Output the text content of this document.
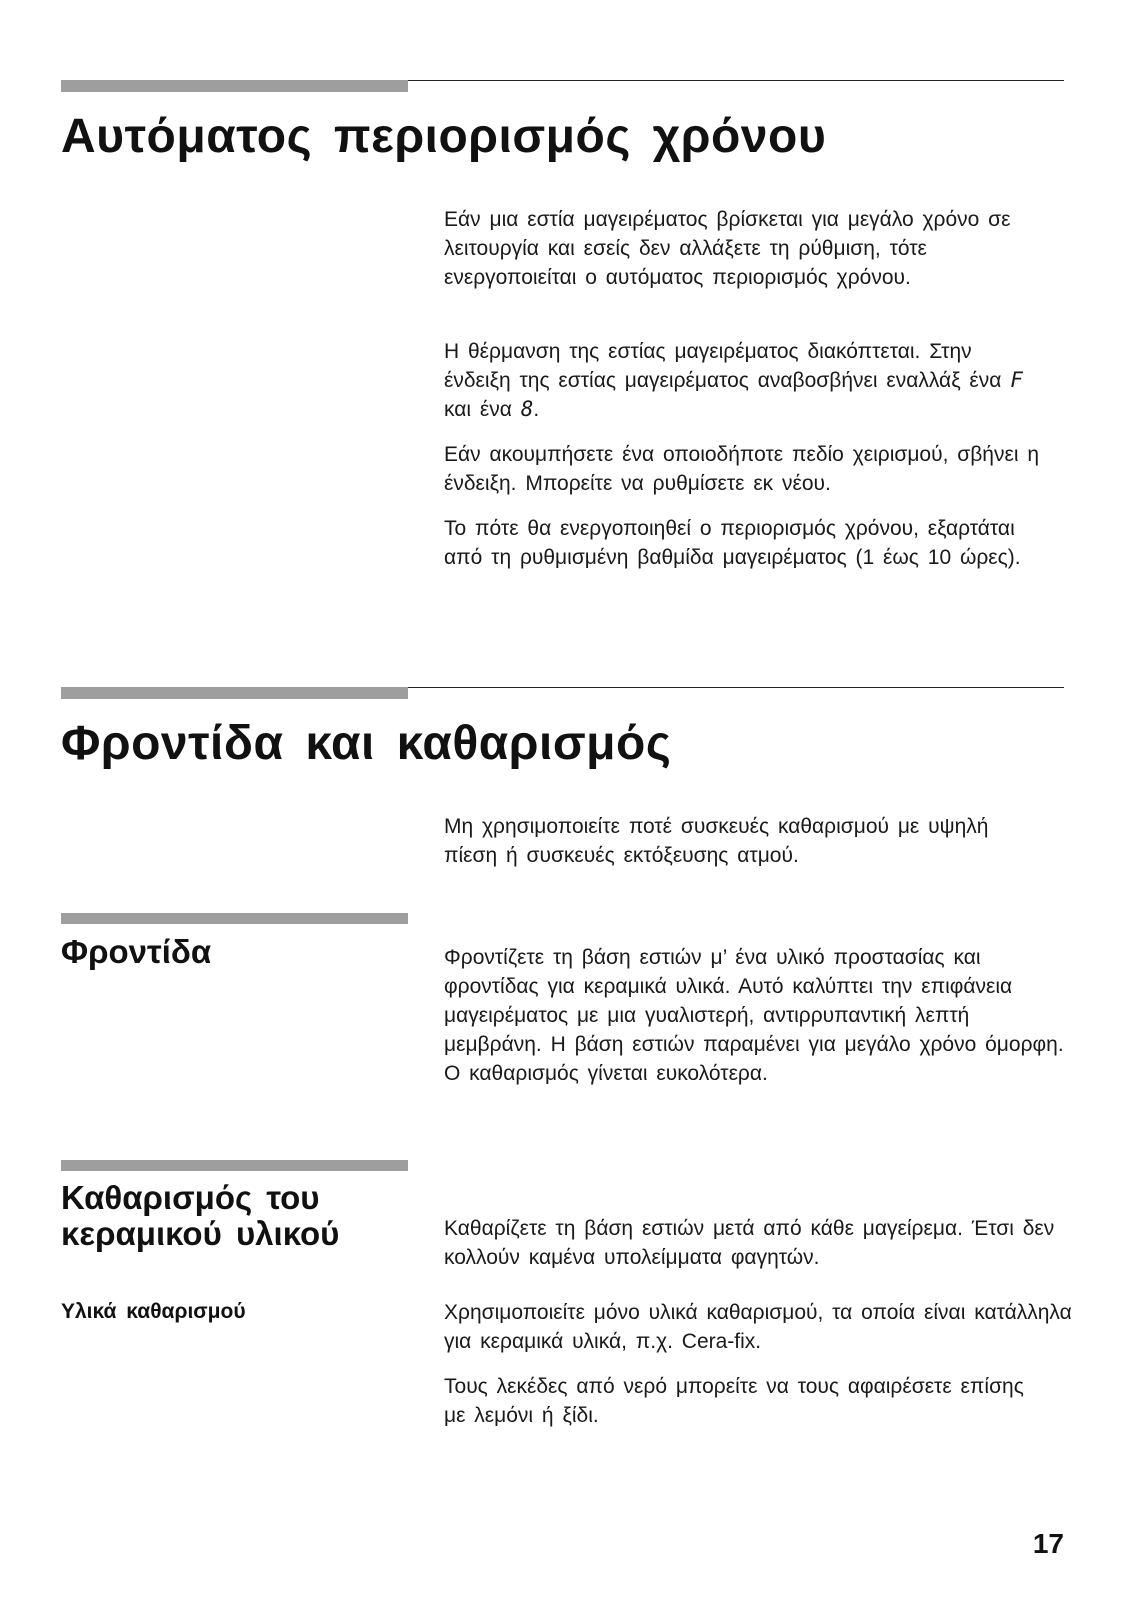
Αυτόματος περιορισμός χρόνου

Εάν μια εστία μαγειρέματος βρίσκεται για μεγάλο χρόνο σε λειτουργία και εσείς δεν αλλάξετε τη ρύθμιση, τότε ενεργοποιείται ο αυτόματος περιορισμός χρόνου.

Η θέρμανση της εστίας μαγειρέματος διακόπτεται. Στην ένδειξη της εστίας μαγειρέματος αναβοσβήνει εναλλάξ ένα F και ένα 8.

Εάν ακουμπήσετε ένα οποιοδήποτε πεδίο χειρισμού, σβήνει η ένδειξη. Μπορείτε να ρυθμίσετε εκ νέου.

Το πότε θα ενεργοποιηθεί ο περιορισμός χρόνου, εξαρτάται από τη ρυθμισμένη βαθμίδα μαγειρέματος (1 έως 10 ώρες).

Φροντίδα και καθαρισμός

Μη χρησιμοποιείτε ποτέ συσκευές καθαρισμού με υψηλή πίεση ή συσκευές εκτόξευσης ατμού.

Φροντίδα	Φροντίζετε τη βάση εστιών μ’ ένα υλικό προστασίας και φροντίδας για κεραμικά υλικά. Αυτό καλύπτει την επιφάνεια μαγειρέματος με μια γυαλιστερή, αντιρρυπαντική λεπτή μεμβράνη. Η βάση εστιών παραμένει για μεγάλο χρόνο όμορφη. Ο καθαρισμός γίνεται ευκολότερα.

Καθαρισμός του
κεραμικού υλικού	Καθαρίζετε τη βάση εστιών μετά από κάθε μαγείρεμα. Έτσι δεν κολλούν καμένα υπολείμματα φαγητών.

Υλικά καθαρισμού	Χρησιμοποιείτε μόνο υλικά καθαρισμού, τα οποία είναι κατάλληλα για κεραμικά υλικά, π.χ. Cera-fix.

Τους λεκέδες από νερό μπορείτε να τους αφαιρέσετε επίσης με λεμόνι ή ξίδι.

17
